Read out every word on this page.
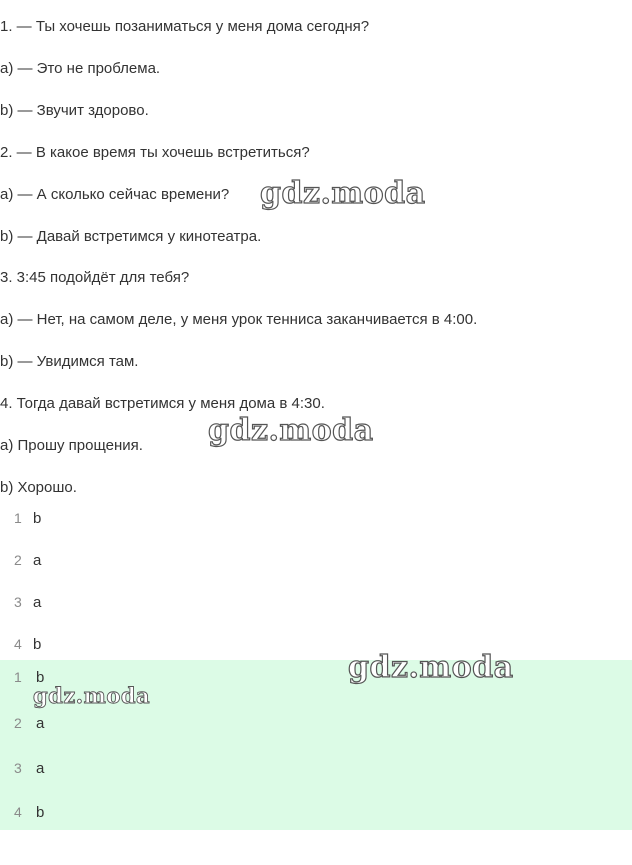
1. — Ты хочешь позаниматься у меня дома сегодня?
a) — Это не проблема.
b) — Звучит здорово.
2. — В какое время ты хочешь встретиться?
a) — А сколько сейчас времени?
b) — Давай встретимся у кинотеатра.
3. 3:45 подойдёт для тебя?
a) — Нет, на самом деле, у меня урок тенниса заканчивается в 4:00.
b) — Увидимся там.
4. Тогда давай встретимся у меня дома в 4:30.
a) Прошу прощения.
b) Хорошо.
1 b
2 a
3 a
4 b
1 b
2 a
3 a
4 b
gdz.moda
gdz.moda
gdz.moda
gdz.moda
